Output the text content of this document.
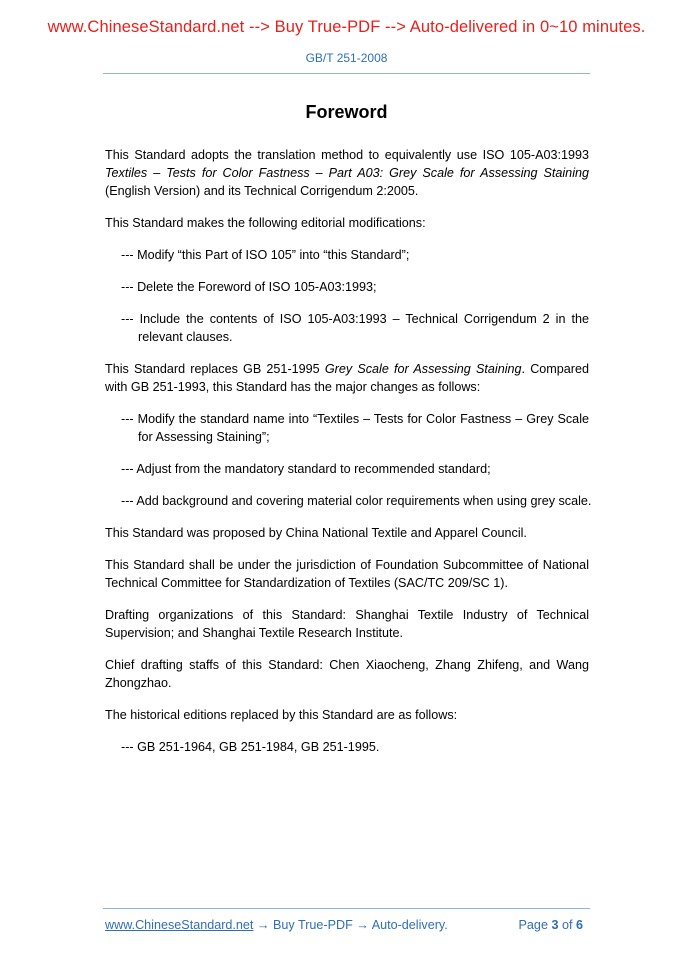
www.ChineseStandard.net --> Buy True-PDF --> Auto-delivered in 0~10 minutes.
GB/T 251-2008
Foreword

This Standard adopts the translation method to equivalently use ISO 105-A03:1993 Textiles – Tests for Color Fastness – Part A03: Grey Scale for Assessing Staining (English Version) and its Technical Corrigendum 2:2005.

This Standard makes the following editorial modifications:

--- Modify “this Part of ISO 105” into “this Standard”;

--- Delete the Foreword of ISO 105-A03:1993;

--- Include the contents of ISO 105-A03:1993 – Technical Corrigendum 2 in the relevant clauses.

This Standard replaces GB 251-1995 Grey Scale for Assessing Staining. Compared with GB 251-1993, this Standard has the major changes as follows:

--- Modify the standard name into “Textiles – Tests for Color Fastness – Grey Scale for Assessing Staining”;

--- Adjust from the mandatory standard to recommended standard;

--- Add background and covering material color requirements when using grey scale.

This Standard was proposed by China National Textile and Apparel Council.

This Standard shall be under the jurisdiction of Foundation Subcommittee of National Technical Committee for Standardization of Textiles (SAC/TC 209/SC 1).

Drafting organizations of this Standard: Shanghai Textile Industry of Technical Supervision; and Shanghai Textile Research Institute.

Chief drafting staffs of this Standard: Chen Xiaocheng, Zhang Zhifeng, and Wang Zhongzhao.

The historical editions replaced by this Standard are as follows:

--- GB 251-1964, GB 251-1984, GB 251-1995.

www.ChineseStandard.net → Buy True-PDF → Auto-delivery.	Page 3 of 6
